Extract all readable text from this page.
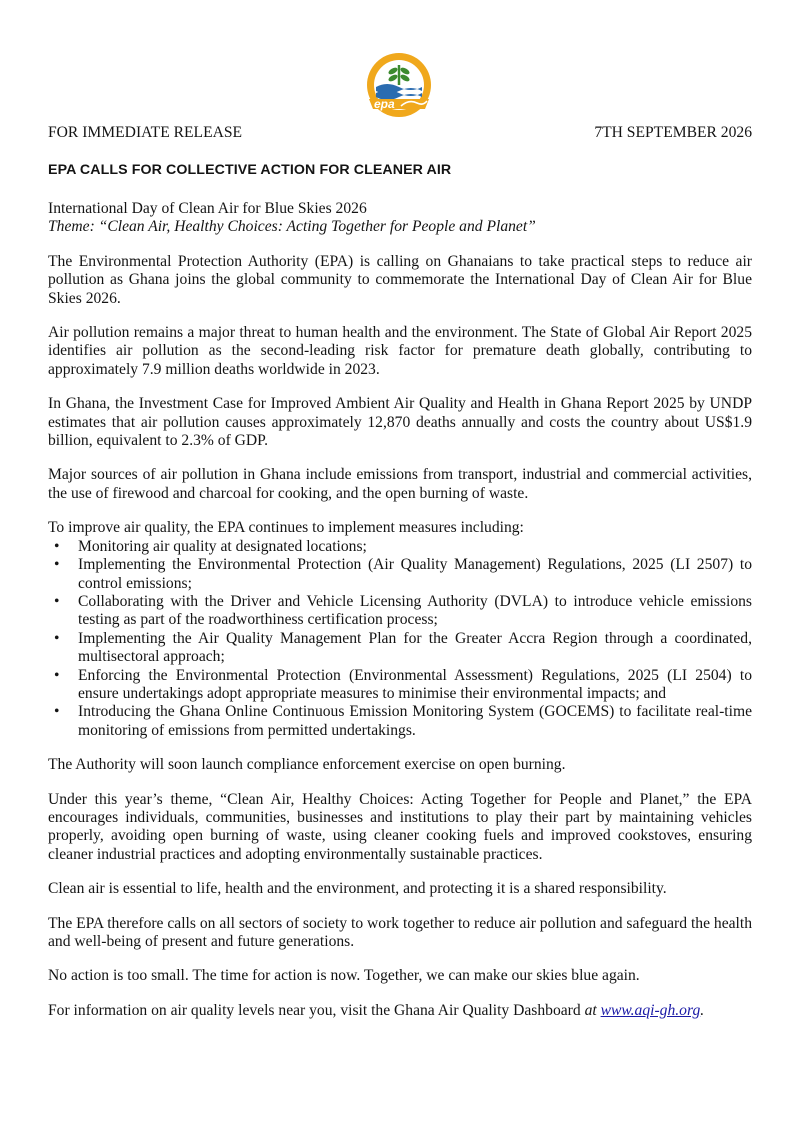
epa
FOR IMMEDIATE RELEASE	7TH SEPTEMBER 2026
EPA CALLS FOR COLLECTIVE ACTION FOR CLEANER AIR
International Day of Clean Air for Blue Skies 2026
Theme: “Clean Air, Healthy Choices: Acting Together for People and Planet”

The Environmental Protection Authority (EPA) is calling on Ghanaians to take practical steps to reduce air pollution as Ghana joins the global community to commemorate the International Day of Clean Air for Blue Skies 2026.

Air pollution remains a major threat to human health and the environment. The State of Global Air Report 2025 identifies air pollution as the second-leading risk factor for premature death globally, contributing to approximately 7.9 million deaths worldwide in 2023.

In Ghana, the Investment Case for Improved Ambient Air Quality and Health in Ghana Report 2025 by UNDP estimates that air pollution causes approximately 12,870 deaths annually and costs the country about US$1.9 billion, equivalent to 2.3% of GDP.

Major sources of air pollution in Ghana include emissions from transport, industrial and commercial activities, the use of firewood and charcoal for cooking, and the open burning of waste.

To improve air quality, the EPA continues to implement measures including:
• Monitoring air quality at designated locations;
• Implementing the Environmental Protection (Air Quality Management) Regulations, 2025 (LI 2507) to control emissions;
• Collaborating with the Driver and Vehicle Licensing Authority (DVLA) to introduce vehicle emissions testing as part of the roadworthiness certification process;
• Implementing the Air Quality Management Plan for the Greater Accra Region through a coordinated, multisectoral approach;
• Enforcing the Environmental Protection (Environmental Assessment) Regulations, 2025 (LI 2504) to ensure undertakings adopt appropriate measures to minimise their environmental impacts; and
• Introducing the Ghana Online Continuous Emission Monitoring System (GOCEMS) to facilitate real-time monitoring of emissions from permitted undertakings.

The Authority will soon launch compliance enforcement exercise on open burning.

Under this year’s theme, “Clean Air, Healthy Choices: Acting Together for People and Planet,” the EPA encourages individuals, communities, businesses and institutions to play their part by maintaining vehicles properly, avoiding open burning of waste, using cleaner cooking fuels and improved cookstoves, ensuring cleaner industrial practices and adopting environmentally sustainable practices.

Clean air is essential to life, health and the environment, and protecting it is a shared responsibility.

The EPA therefore calls on all sectors of society to work together to reduce air pollution and safeguard the health and well-being of present and future generations.

No action is too small. The time for action is now. Together, we can make our skies blue again.

For information on air quality levels near you, visit the Ghana Air Quality Dashboard at www.aqi-gh.org.
